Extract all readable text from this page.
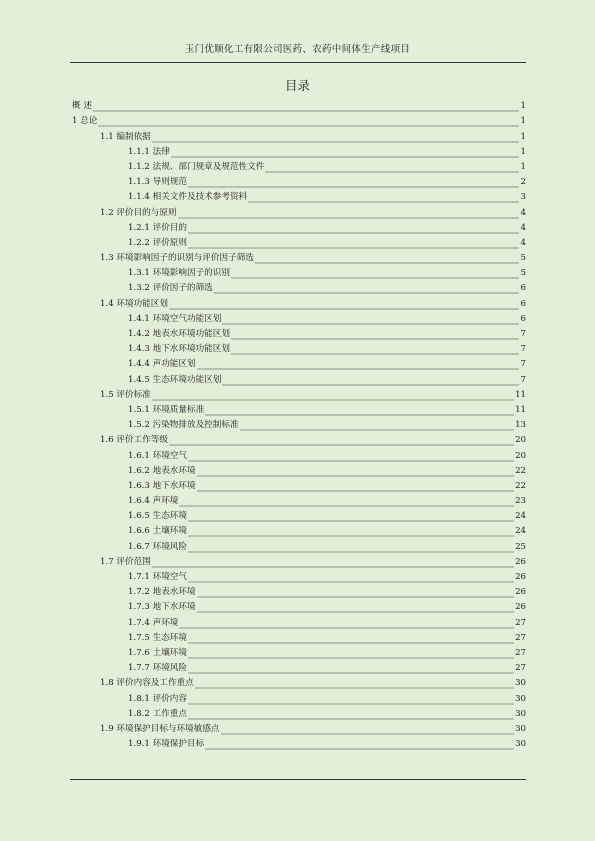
玉门优顺化工有限公司医药、农药中间体生产线项目
目录
概 述	1
1 总论	1
1.1 编制依据	1
1.1.1 法律	1
1.1.2 法规、部门规章及规范性文件	1
1.1.3 导则规范	2
1.1.4 相关文件及技术参考资料	3
1.2 评价目的与原则	4
1.2.1 评价目的	4
1.2.2 评价原则	4
1.3 环境影响因子的识别与评价因子筛选	5
1.3.1 环境影响因子的识别	5
1.3.2 评价因子的筛选	6
1.4 环境功能区划	6
1.4.1 环境空气功能区划	6
1.4.2 地表水环境功能区划	7
1.4.3 地下水环境功能区划	7
1.4.4 声功能区划	7
1.4.5 生态环境功能区划	7
1.5 评价标准	11
1.5.1 环境质量标准	11
1.5.2 污染物排放及控制标准	13
1.6 评价工作等级	20
1.6.1 环境空气	20
1.6.2 地表水环境	22
1.6.3 地下水环境	22
1.6.4 声环境	23
1.6.5 生态环境	24
1.6.6 土壤环境	24
1.6.7 环境风险	25
1.7 评价范围	26
1.7.1 环境空气	26
1.7.2 地表水环境	26
1.7.3 地下水环境	26
1.7.4 声环境	27
1.7.5 生态环境	27
1.7.6 土壤环境	27
1.7.7 环境风险	27
1.8 评价内容及工作重点	30
1.8.1 评价内容	30
1.8.2 工作重点	30
1.9 环境保护目标与环境敏感点	30
1.9.1 环境保护目标	30
